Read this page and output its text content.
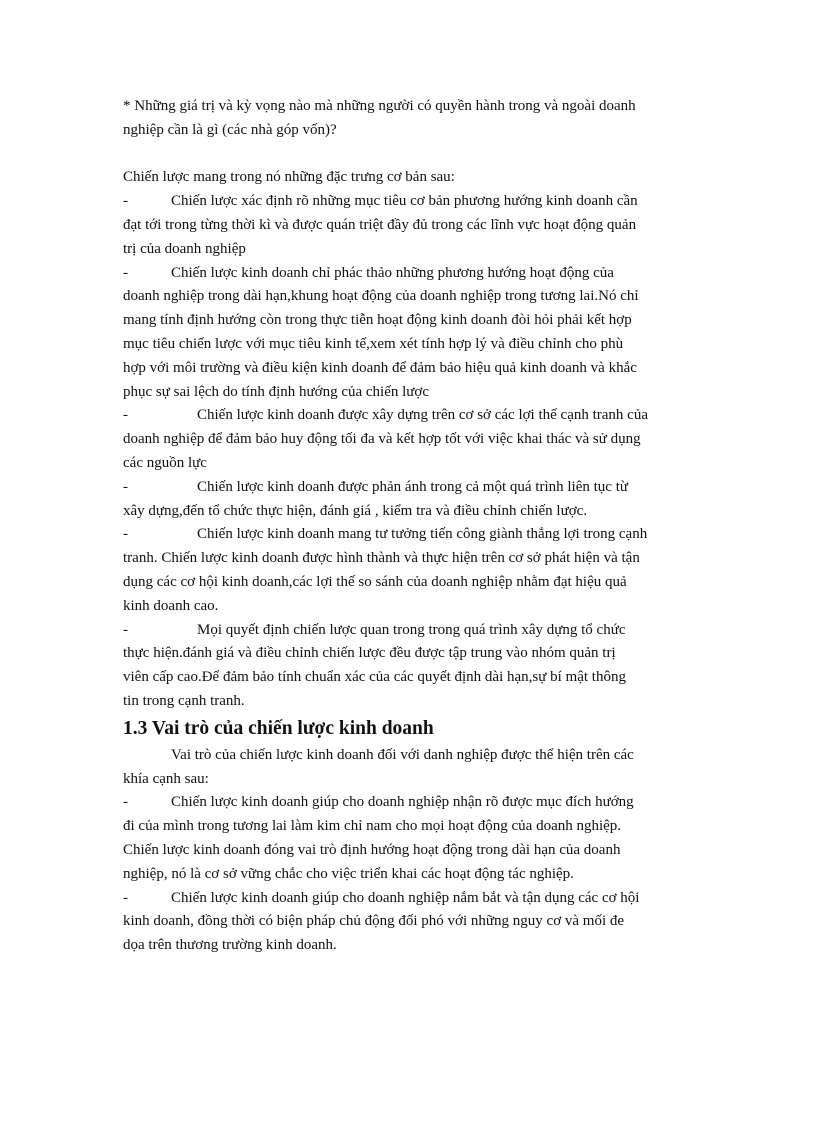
* Những giá trị và kỳ vọng nào mà những người có quyền hành trong và ngoài doanh

nghiệp cần là gì (các nhà góp vốn)?

Chiến lược mang trong nó những đặc trưng cơ bản sau:

-	Chiến lược xác định rõ những mục tiêu cơ bản phương hướng kinh doanh cần

đạt tới trong từng thời kì và được quán triệt đầy đủ trong các lĩnh vực hoạt động quản

trị của doanh nghiệp

-	Chiến lược kinh doanh chỉ phác thảo những phương hướng hoạt động của

doanh nghiệp trong dài hạn,khung hoạt động của doanh nghiệp trong tương lai.Nó chỉ

mang tính định hướng còn trong thực tiễn hoạt động kinh doanh đòi hỏi phải kết hợp

mục tiêu chiến lược với mục tiêu kinh tế,xem xét tính hợp lý và điều chỉnh cho phù

hợp với môi trường và điều kiện kinh doanh để đảm bảo hiệu quả kinh doanh và khắc

phục sự sai lệch do tính định hướng của chiến lược

-	Chiến lược kinh doanh được xây dựng trên cơ sở các lợi thế cạnh tranh của

doanh nghiệp để đảm bảo huy động tối đa và kết hợp tốt với việc khai thác và sử dụng

các nguồn lực

-	Chiến lược kinh doanh được phản ánh trong cả một quá trình liên tục từ

xây dựng,đến tổ chức thực hiện, đánh giá , kiểm tra và điều chỉnh chiến lược.

-	Chiến lược kinh doanh mang tư tưởng tiến công giành thắng lợi trong cạnh

tranh. Chiến lược kinh doanh được hình thành và thực hiện trên cơ sở phát hiện và tận

dụng các cơ hội kinh doanh,các lợi thế so sánh của doanh nghiệp nhằm đạt hiệu quả

kinh doanh cao.

-	Mọi quyết định chiến lược quan trong trong quá trình xây dựng tổ chức

thực hiện.đánh giá và điều chỉnh chiến lược đều được tập trung vào nhóm quản trị

viên cấp cao.Để đảm bảo tính chuẩn xác của các quyết định dài hạn,sự bí mật thông

tin trong cạnh tranh.

1.3 Vai trò của chiến lược kinh doanh

Vai trò của chiến lược kinh doanh đối với danh nghiệp được thể hiện trên các

khía cạnh sau:

-	Chiến lược kinh doanh giúp cho doanh nghiệp nhận rõ được mục đích hướng

đi của mình trong tương lai làm kim chỉ nam cho mọi hoạt động của doanh nghiệp.

Chiến lược kinh doanh đóng vai trò định hướng hoạt động trong dài hạn của doanh

nghiệp, nó là cơ sở vững chắc cho việc triển khai các hoạt động tác nghiệp.

-	Chiến lược kinh doanh giúp cho doanh nghiệp nắm bắt và tận dụng các cơ hội

kinh doanh, đồng thời có biện pháp chủ động đối phó với những nguy cơ và mối đe

dọa trên thương trường kinh doanh.
